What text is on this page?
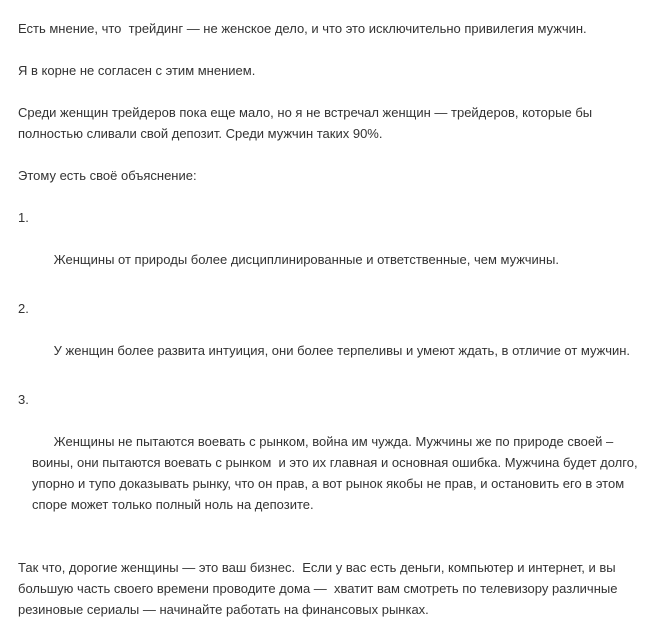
Есть мнение, что  трейдинг — не женское дело, и что это исключительно привилегия мужчин.

Я в корне не согласен с этим мнением.

Среди женщин трейдеров пока еще мало, но я не встречал женщин — трейдеров, которые бы полностью сливали свой депозит. Среди мужчин таких 90%.

Этому есть своё объяснение:

1.

Женщины от природы более дисциплинированные и ответственные, чем мужчины.

2.

У женщин более развита интуиция, они более терпеливы и умеют ждать, в отличие от мужчин.

3.

Женщины не пытаются воевать с рынком, война им чужда. Мужчины же по природе своей – воины, они пытаются воевать с рынком  и это их главная и основная ошибка. Мужчина будет долго, упорно и тупо доказывать рынку, что он прав, а вот рынок якобы не прав, и остановить его в этом споре может только полный ноль на депозите.

Так что, дорогие женщины — это ваш бизнес.  Если у вас есть деньги, компьютер и интернет, и вы большую часть своего времени проводите дома —  хватит вам смотреть по телевизору различные резиновые сериалы — начинайте работать на финансовых рынках.
